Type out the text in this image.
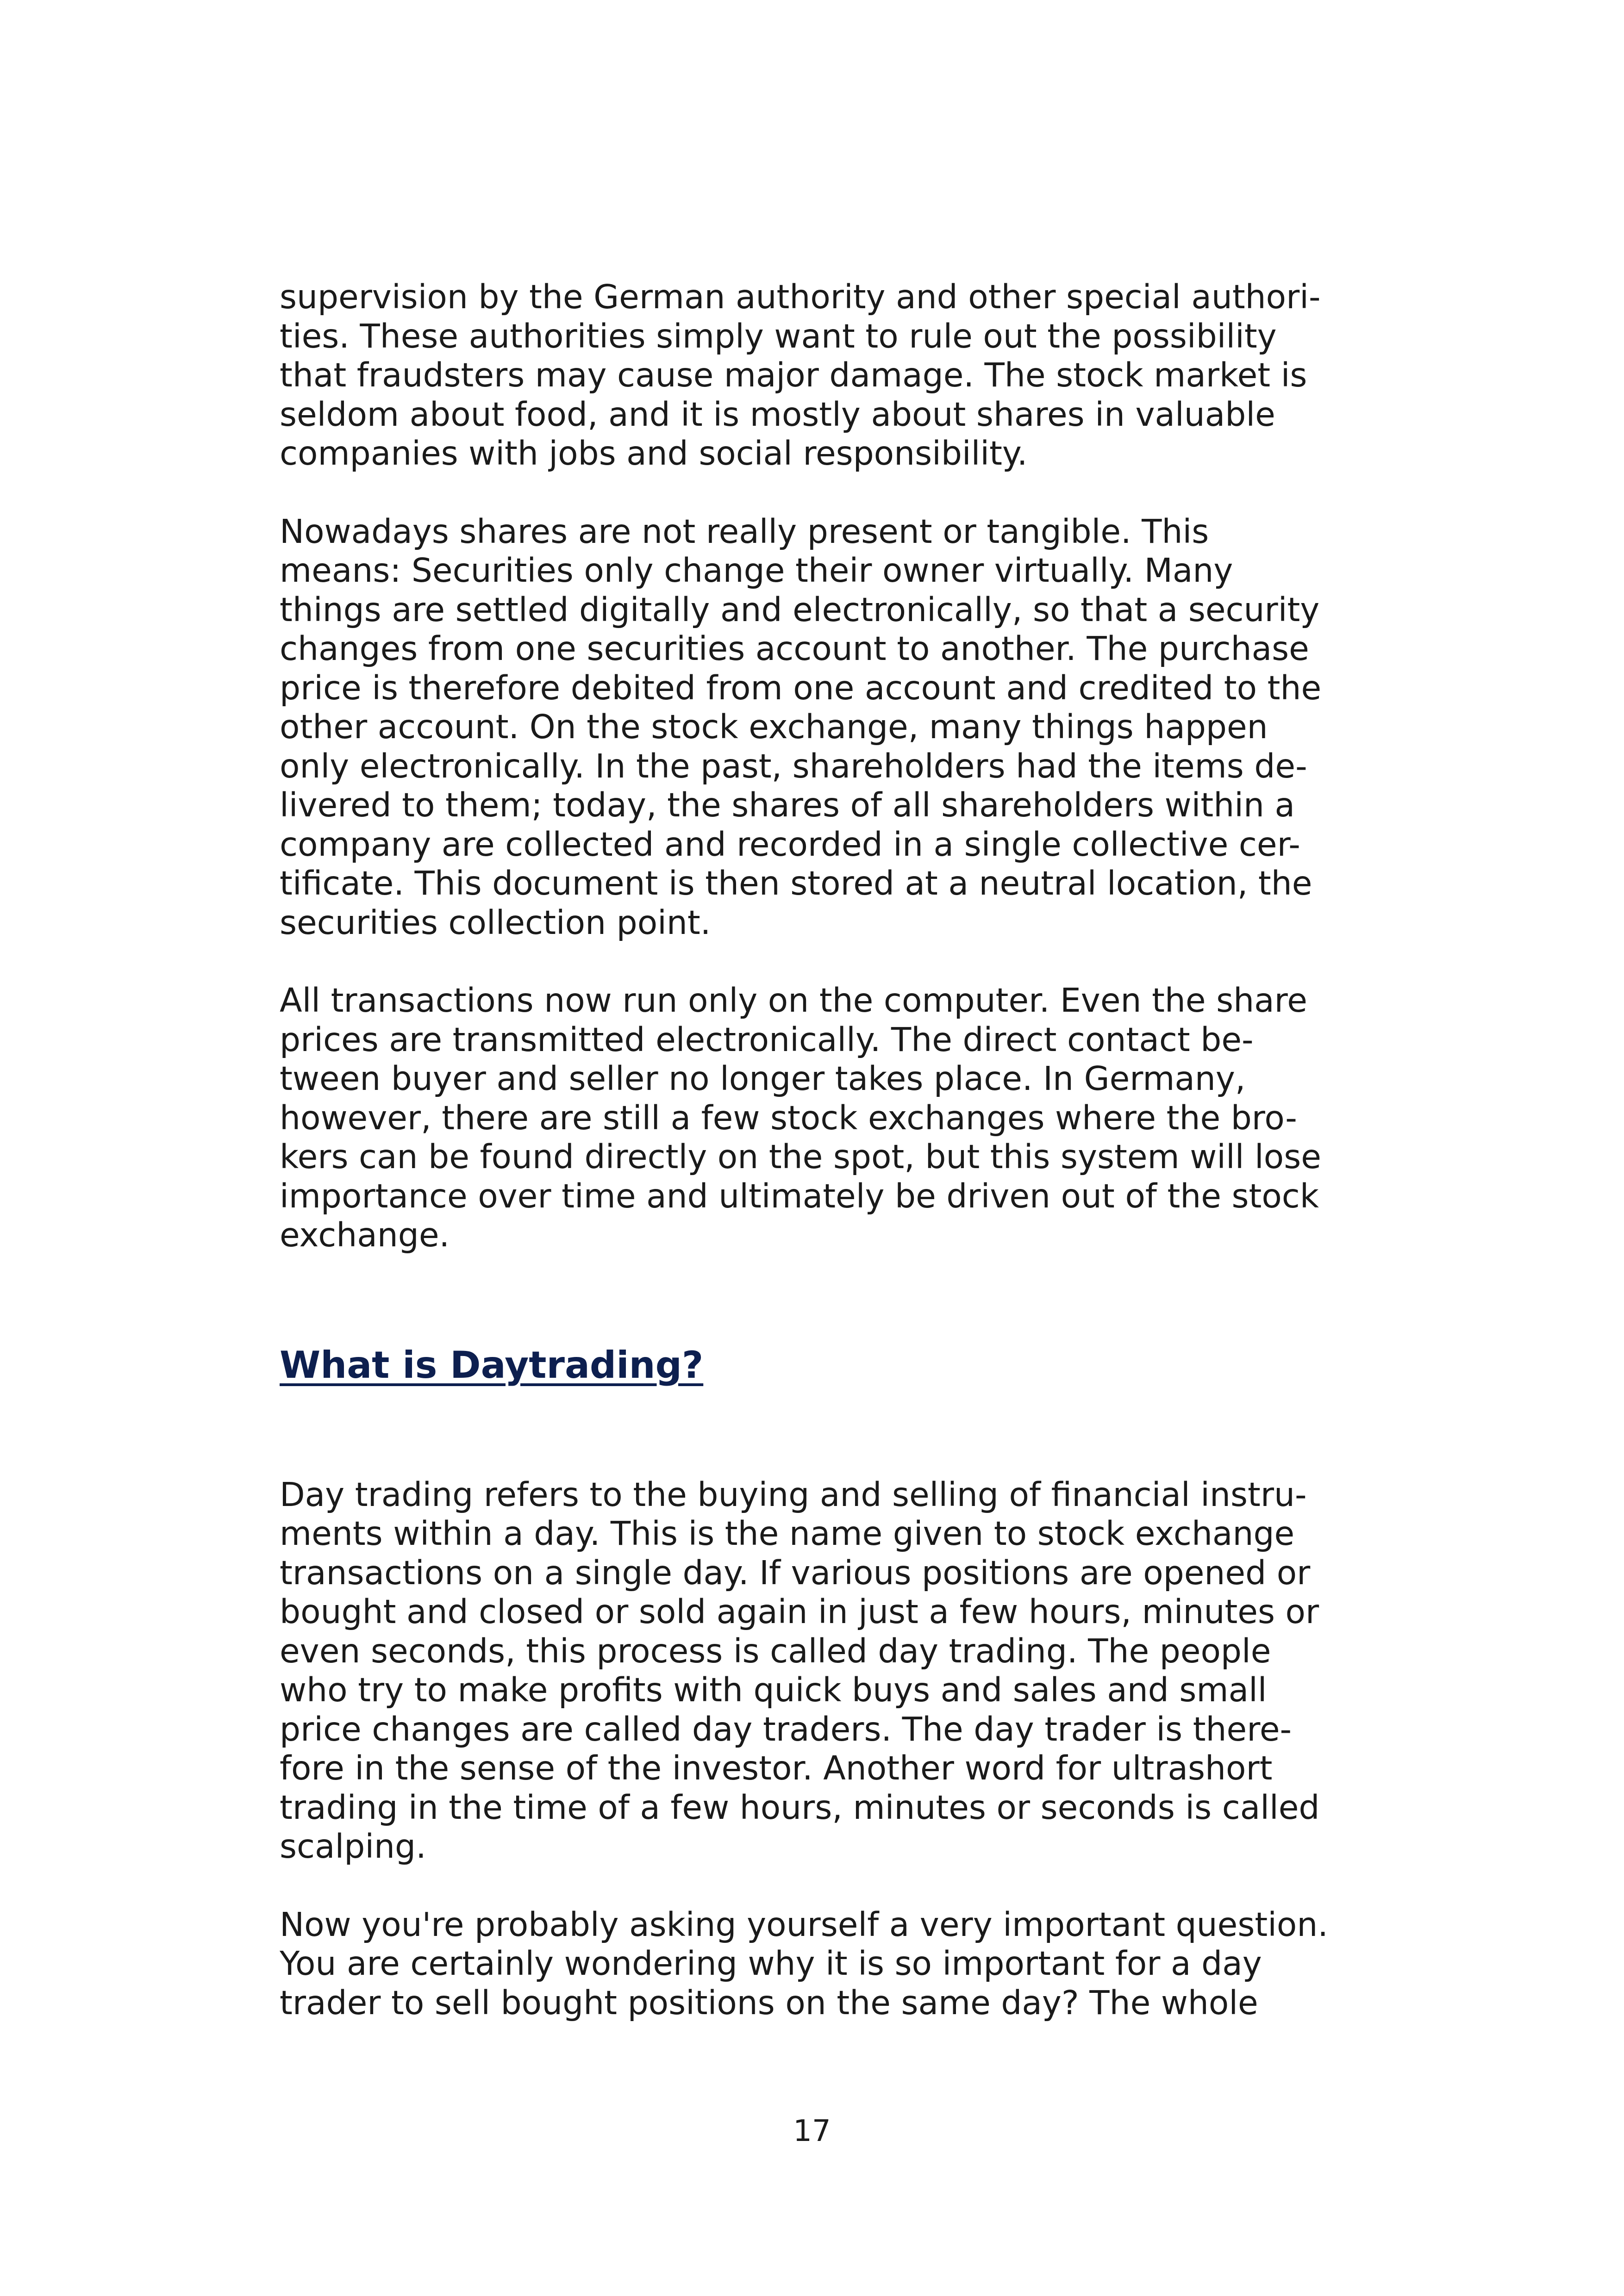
supervision by the German authority and other special authori-
ties. These authorities simply want to rule out the possibility
that fraudsters may cause major damage. The stock market is
seldom about food, and it is mostly about shares in valuable
companies with jobs and social responsibility.

Nowadays shares are not really present or tangible. This
means: Securities only change their owner virtually. Many
things are settled digitally and electronically, so that a security
changes from one securities account to another. The purchase
price is therefore debited from one account and credited to the
other account. On the stock exchange, many things happen
only electronically. In the past, shareholders had the items de-
livered to them; today, the shares of all shareholders within a
company are collected and recorded in a single collective cer-
tificate. This document is then stored at a neutral location, the
securities collection point.

All transactions now run only on the computer. Even the share
prices are transmitted electronically. The direct contact be-
tween buyer and seller no longer takes place. In Germany,
however, there are still a few stock exchanges where the bro-
kers can be found directly on the spot, but this system will lose
importance over time and ultimately be driven out of the stock
exchange.

What is Daytrading?

Day trading refers to the buying and selling of financial instru-
ments within a day. This is the name given to stock exchange
transactions on a single day. If various positions are opened or
bought and closed or sold again in just a few hours, minutes or
even seconds, this process is called day trading. The people
who try to make profits with quick buys and sales and small
price changes are called day traders. The day trader is there-
fore in the sense of the investor. Another word for ultrashort
trading in the time of a few hours, minutes or seconds is called
scalping.

Now you're probably asking yourself a very important question.
You are certainly wondering why it is so important for a day
trader to sell bought positions on the same day? The whole

17
